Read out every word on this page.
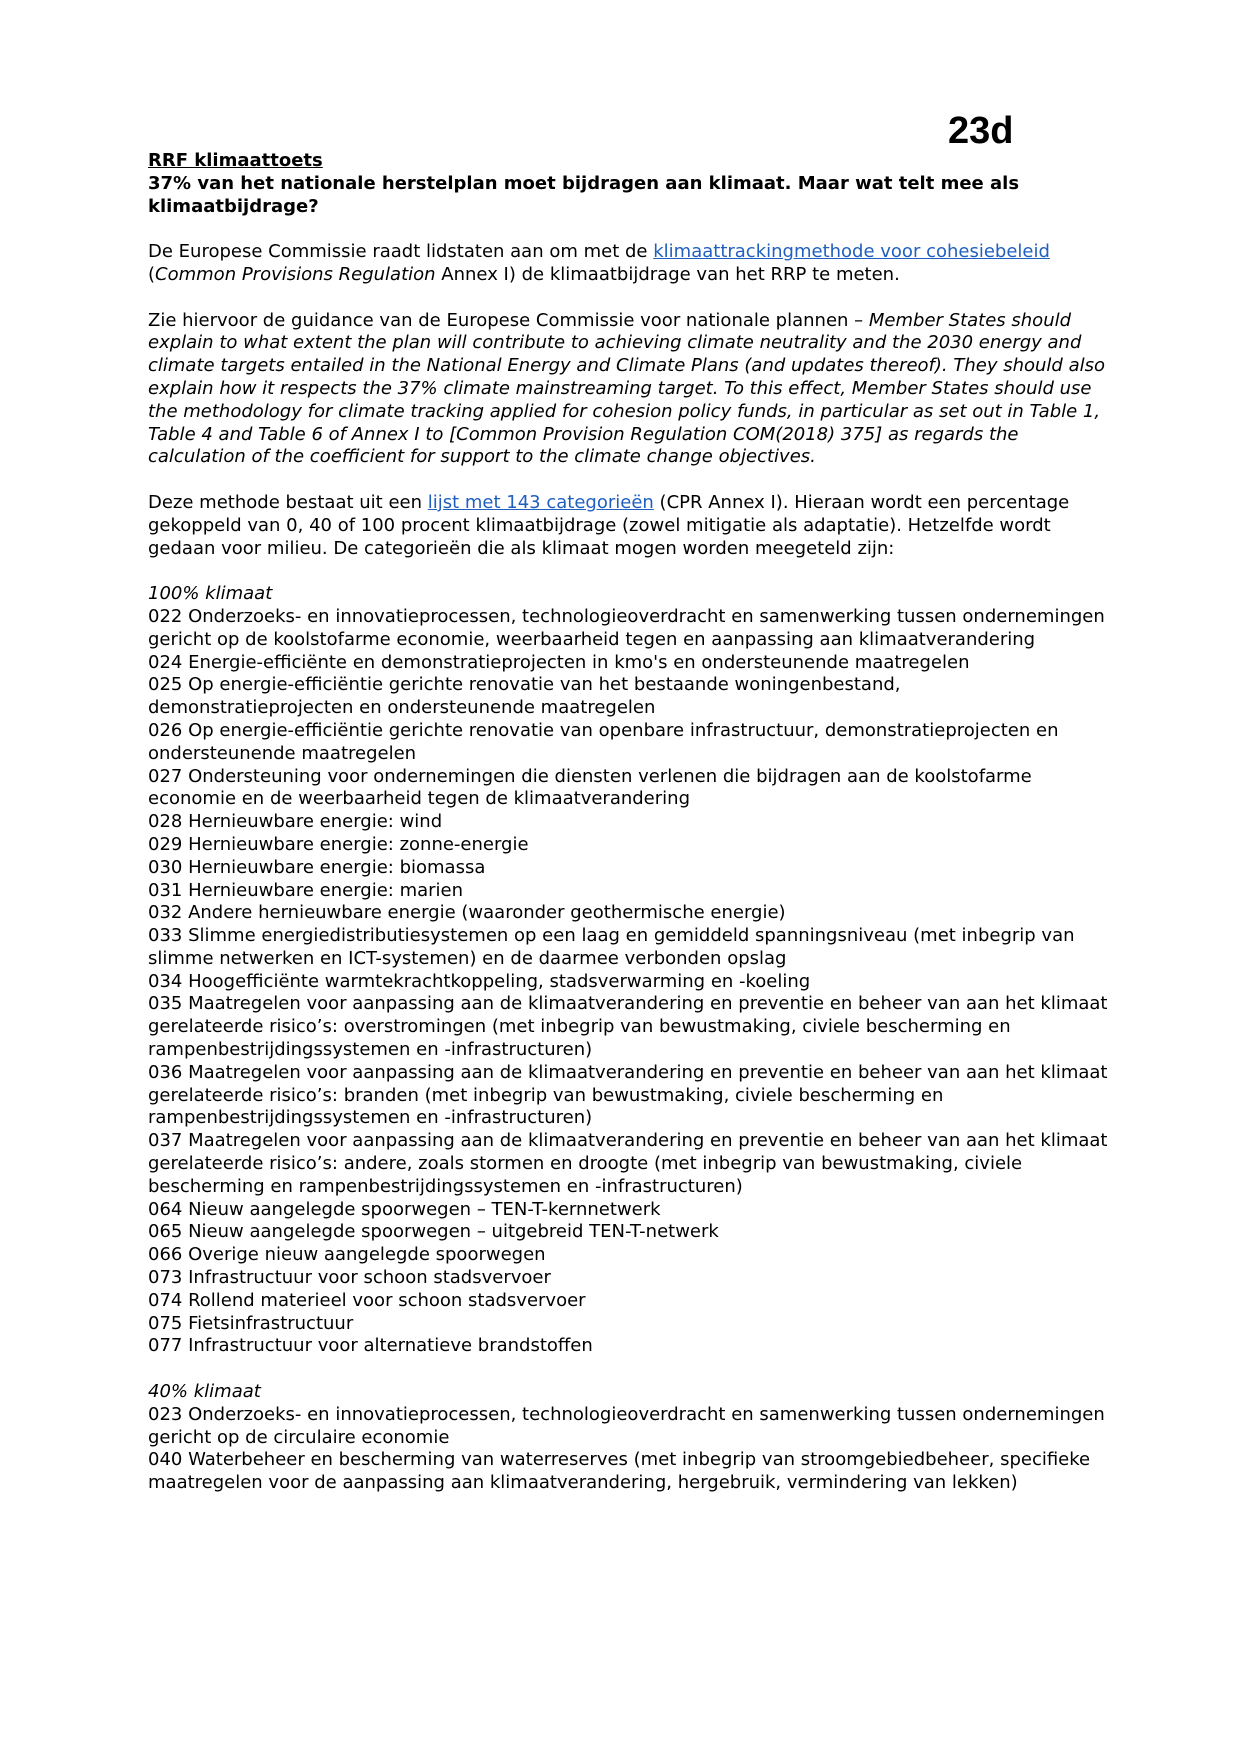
23d

RRF klimaattoets

37% van het nationale herstelplan moet bijdragen aan klimaat. Maar wat telt mee als klimaatbijdrage?

De Europese Commissie raadt lidstaten aan om met de klimaattrackingmethode voor cohesiebeleid
(Common Provisions Regulation Annex I) de klimaatbijdrage van het RRP te meten.

Zie hiervoor de guidance van de Europese Commissie voor nationale plannen – Member States should explain to what extent the plan will contribute to achieving climate neutrality and the 2030 energy and climate targets entailed in the National Energy and Climate Plans (and updates thereof). They should also explain how it respects the 37% climate mainstreaming target. To this effect, Member States should use the methodology for climate tracking applied for cohesion policy funds, in particular as set out in Table 1, Table 4 and Table 6 of Annex I to [Common Provision Regulation COM(2018) 375] as regards the calculation of the coefficient for support to the climate change objectives.

Deze methode bestaat uit een lijst met 143 categorieën (CPR Annex I). Hieraan wordt een percentage gekoppeld van 0, 40 of 100 procent klimaatbijdrage (zowel mitigatie als adaptatie). Hetzelfde wordt gedaan voor milieu. De categorieën die als klimaat mogen worden meegeteld zijn:

100% klimaat

022 Onderzoeks- en innovatieprocessen, technologieoverdracht en samenwerking tussen ondernemingen gericht op de koolstofarme economie, weerbaarheid tegen en aanpassing aan klimaatverandering
024 Energie-efficiënte en demonstratieprojecten in kmo's en ondersteunende maatregelen
025 Op energie-efficiëntie gerichte renovatie van het bestaande woningenbestand, demonstratieprojecten en ondersteunende maatregelen
026 Op energie-efficiëntie gerichte renovatie van openbare infrastructuur, demonstratieprojecten en ondersteunende maatregelen
027 Ondersteuning voor ondernemingen die diensten verlenen die bijdragen aan de koolstofarme economie en de weerbaarheid tegen de klimaatverandering
028 Hernieuwbare energie: wind
029 Hernieuwbare energie: zonne-energie
030 Hernieuwbare energie: biomassa
031 Hernieuwbare energie: marien
032 Andere hernieuwbare energie (waaronder geothermische energie)
033 Slimme energiedistributiesystemen op een laag en gemiddeld spanningsniveau (met inbegrip van slimme netwerken en ICT-systemen) en de daarmee verbonden opslag
034 Hoogefficiënte warmtekrachtkoppeling, stadsverwarming en -koeling
035 Maatregelen voor aanpassing aan de klimaatverandering en preventie en beheer van aan het klimaat gerelateerde risico’s: overstromingen (met inbegrip van bewustmaking, civiele bescherming en rampenbestrijdingssystemen en -infrastructuren)
036 Maatregelen voor aanpassing aan de klimaatverandering en preventie en beheer van aan het klimaat gerelateerde risico’s: branden (met inbegrip van bewustmaking, civiele bescherming en rampenbestrijdingssystemen en -infrastructuren)
037 Maatregelen voor aanpassing aan de klimaatverandering en preventie en beheer van aan het klimaat gerelateerde risico’s: andere, zoals stormen en droogte (met inbegrip van bewustmaking, civiele bescherming en rampenbestrijdingssystemen en -infrastructuren)
064 Nieuw aangelegde spoorwegen – TEN-T-kernnetwerk
065 Nieuw aangelegde spoorwegen – uitgebreid TEN-T-netwerk
066 Overige nieuw aangelegde spoorwegen
073 Infrastructuur voor schoon stadsvervoer
074 Rollend materieel voor schoon stadsvervoer
075 Fietsinfrastructuur
077 Infrastructuur voor alternatieve brandstoffen

40% klimaat

023 Onderzoeks- en innovatieprocessen, technologieoverdracht en samenwerking tussen ondernemingen gericht op de circulaire economie
040 Waterbeheer en bescherming van waterreserves (met inbegrip van stroomgebiedbeheer, specifieke maatregelen voor de aanpassing aan klimaatverandering, hergebruik, vermindering van lekken)
